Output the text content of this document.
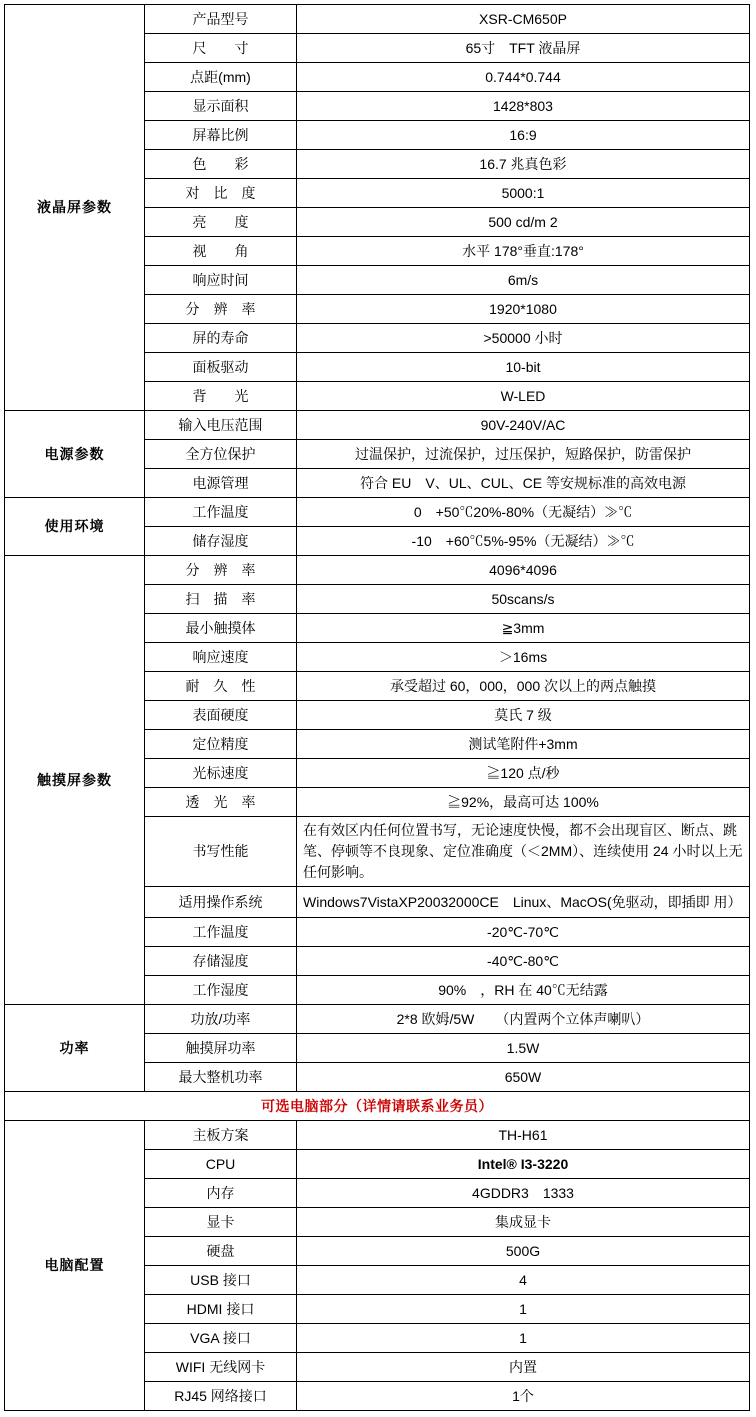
液晶屏参数	产品型号	XSR-CM650P
	尺　　寸	65寸　TFT 液晶屏
	点距(mm)	0.744*0.744
	显示面积	1428*803
	屏幕比例	16:9
	色　　彩	16.7 兆真色彩
	对　比　度	5000:1
	亮　　度	500 cd/m 2
	视　　角	水平 178°垂直:178°
	响应时间	6m/s
	分　辨　率	1920*1080
	屏的寿命	>50000 小时
	面板驱动	10-bit
	背　　光	W-LED
电源参数	输入电压范围	90V-240V/AC
	全方位保护	过温保护，过流保护，过压保护，短路保护，防雷保护
	电源管理	符合 EU　V、UL、CUL、CE 等安规标准的高效电源
使用环境	工作温度	0　+50℃20%-80%（无凝结）≫℃
	储存湿度	-10　+60℃5%-95%（无凝结）≫℃
触摸屏参数	分　辨　率	4096*4096
	扫　描　率	50scans/s
	最小触摸体	≧3mm
	响应速度	＞16ms
	耐　久　性	承受超过 60，000，000 次以上的两点触摸
	表面硬度	莫氏 7 级
	定位精度	测试笔附件+3mm
	光标速度	≧120 点/秒
	透　光　率	≧92%，最高可达 100%
	书写性能	在有效区内任何位置书写，无论速度快慢，都不会出现盲区、断点、跳笔、停顿等不良现象、定位准确度（＜2MM）、连续使用 24 小时以上无任何影响。
	适用操作系统	Windows7VistaXP20032000CE　Linux、MacOS(免驱动，即插即 用）
	工作温度	-20℃-70℃
	存储湿度	-40℃-80℃
	工作湿度	90%　，RH 在 40℃无结露
功率	功放/功率	2*8 欧姆/5W　　（内置两个立体声喇叭）
	触摸屏功率	1.5W
	最大整机功率	650W
可选电脑部分（详情请联系业务员）		
电脑配置	主板方案	TH-H61
	CPU	Intel® I3-3220
	内存	4GDDR3　1333
	显卡	集成显卡
	硬盘	500G
	USB 接口	4
	HDMI 接口	1
	VGA 接口	1
	WIFI 无线网卡	内置
	RJ45 网络接口	1个
